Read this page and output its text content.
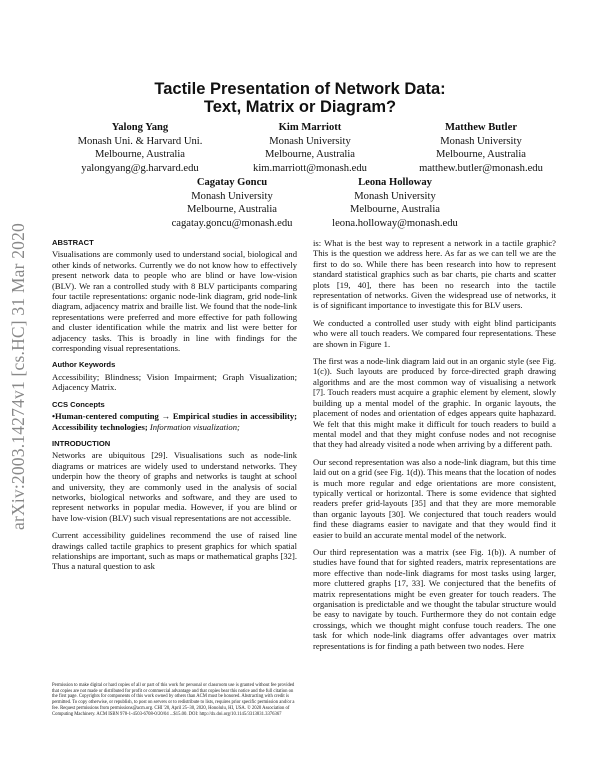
arXiv:2003.14274v1 [cs.HC] 31 Mar 2020
Tactile Presentation of Network Data:
Text, Matrix or Diagram?
Yalong Yang
Monash Uni. & Harvard Uni.
Melbourne, Australia
yalongyang@g.harvard.edu
Kim Marriott
Monash University
Melbourne, Australia
kim.marriott@monash.edu
Matthew Butler
Monash University
Melbourne, Australia
matthew.butler@monash.edu
Cagatay Goncu
Monash University
Melbourne, Australia
cagatay.goncu@monash.edu
Leona Holloway
Monash University
Melbourne, Australia
leona.holloway@monash.edu
ABSTRACT

Visualisations are commonly used to understand social, biological and other kinds of networks. Currently we do not know how to effectively present network data to people who are blind or have low-vision (BLV). We ran a controlled study with 8 BLV participants comparing four tactile representations: organic node-link diagram, grid node-link diagram, adjacency matrix and braille list. We found that the node-link representations were preferred and more effective for path following and cluster identification while the matrix and list were better for adjacency tasks. This is broadly in line with findings for the corresponding visual representations.

Author Keywords

Accessibility; Blindness; Vision Impairment; Graph Visualization; Adjacency Matrix.

CCS Concepts

•Human-centered computing → Empirical studies in accessibility; Accessibility technologies; Information visualization;

INTRODUCTION

Networks are ubiquitous [29]. Visualisations such as node-link diagrams or matrices are widely used to understand networks. They underpin how the theory of graphs and networks is taught at school and university, they are commonly used in the analysis of social networks, biological networks and software, and they are used to represent networks in popular media. However, if you are blind or have low-vision (BLV) such visual representations are not accessible.

Current accessibility guidelines recommend the use of raised line drawings called tactile graphics to present graphics for which spatial relationships are important, such as maps or mathematical graphs [32]. Thus a natural question to ask

Permission to make digital or hard copies of all or part of this work for personal or classroom use is granted without fee provided that copies are not made or distributed for profit or commercial advantage and that copies bear this notice and the full citation on the first page. Copyrights for components of this work owned by others than ACM must be honored. Abstracting with credit is permitted. To copy otherwise, or republish, to post on servers or to redistribute to lists, requires prior specific permission and/or a fee. Request permissions from permissions@acm.org. CHI '20, April 25–30, 2020, Honolulu, HI, USA. © 2020 Association of Computing Machinery. ACM ISBN 978-1-4503-6708-0/20/04 ...$15.00. DOI: http://dx.doi.org/10.1145/3313831.3376367

is: What is the best way to represent a network in a tactile graphic? This is the question we address here. As far as we can tell we are the first to do so. While there has been research into how to represent standard statistical graphics such as bar charts, pie charts and scatter plots [19, 40], there has been no research into the tactile representation of networks. Given the widespread use of networks, it is of significant importance to investigate this for BLV users.

We conducted a controlled user study with eight blind participants who were all touch readers. We compared four representations. These are shown in Figure 1.

The first was a node-link diagram laid out in an organic style (see Fig. 1(c)). Such layouts are produced by force-directed graph drawing algorithms and are the most common way of visualising a network [7]. Touch readers must acquire a graphic element by element, slowly building up a mental model of the graphic. In organic layouts, the placement of nodes and orientation of edges appears quite haphazard. We felt that this might make it difficult for touch readers to build a mental model and that they might confuse nodes and not recognise that they had already visited a node when arriving by a different path.

Our second representation was also a node-link diagram, but this time laid out on a grid (see Fig. 1(d)). This means that the location of nodes is much more regular and edge orientations are more consistent, typically vertical or horizontal. There is some evidence that sighted readers prefer grid-layouts [35] and that they are more memorable than organic layouts [30]. We conjectured that touch readers would find these diagrams easier to navigate and that they would find it easier to build an accurate mental model of the network.

Our third representation was a matrix (see Fig. 1(b)). A number of studies have found that for sighted readers, matrix representations are more effective than node-link diagrams for most tasks using larger, more cluttered graphs [17, 33]. We conjectured that the benefits of matrix representations might be even greater for touch readers. The organisation is predictable and we thought the tabular structure would be easy to navigate by touch. Furthermore they do not contain edge crossings, which we thought might confuse touch readers. The one task for which node-link diagrams offer advantages over matrix representations is for finding a path between two nodes. Here
